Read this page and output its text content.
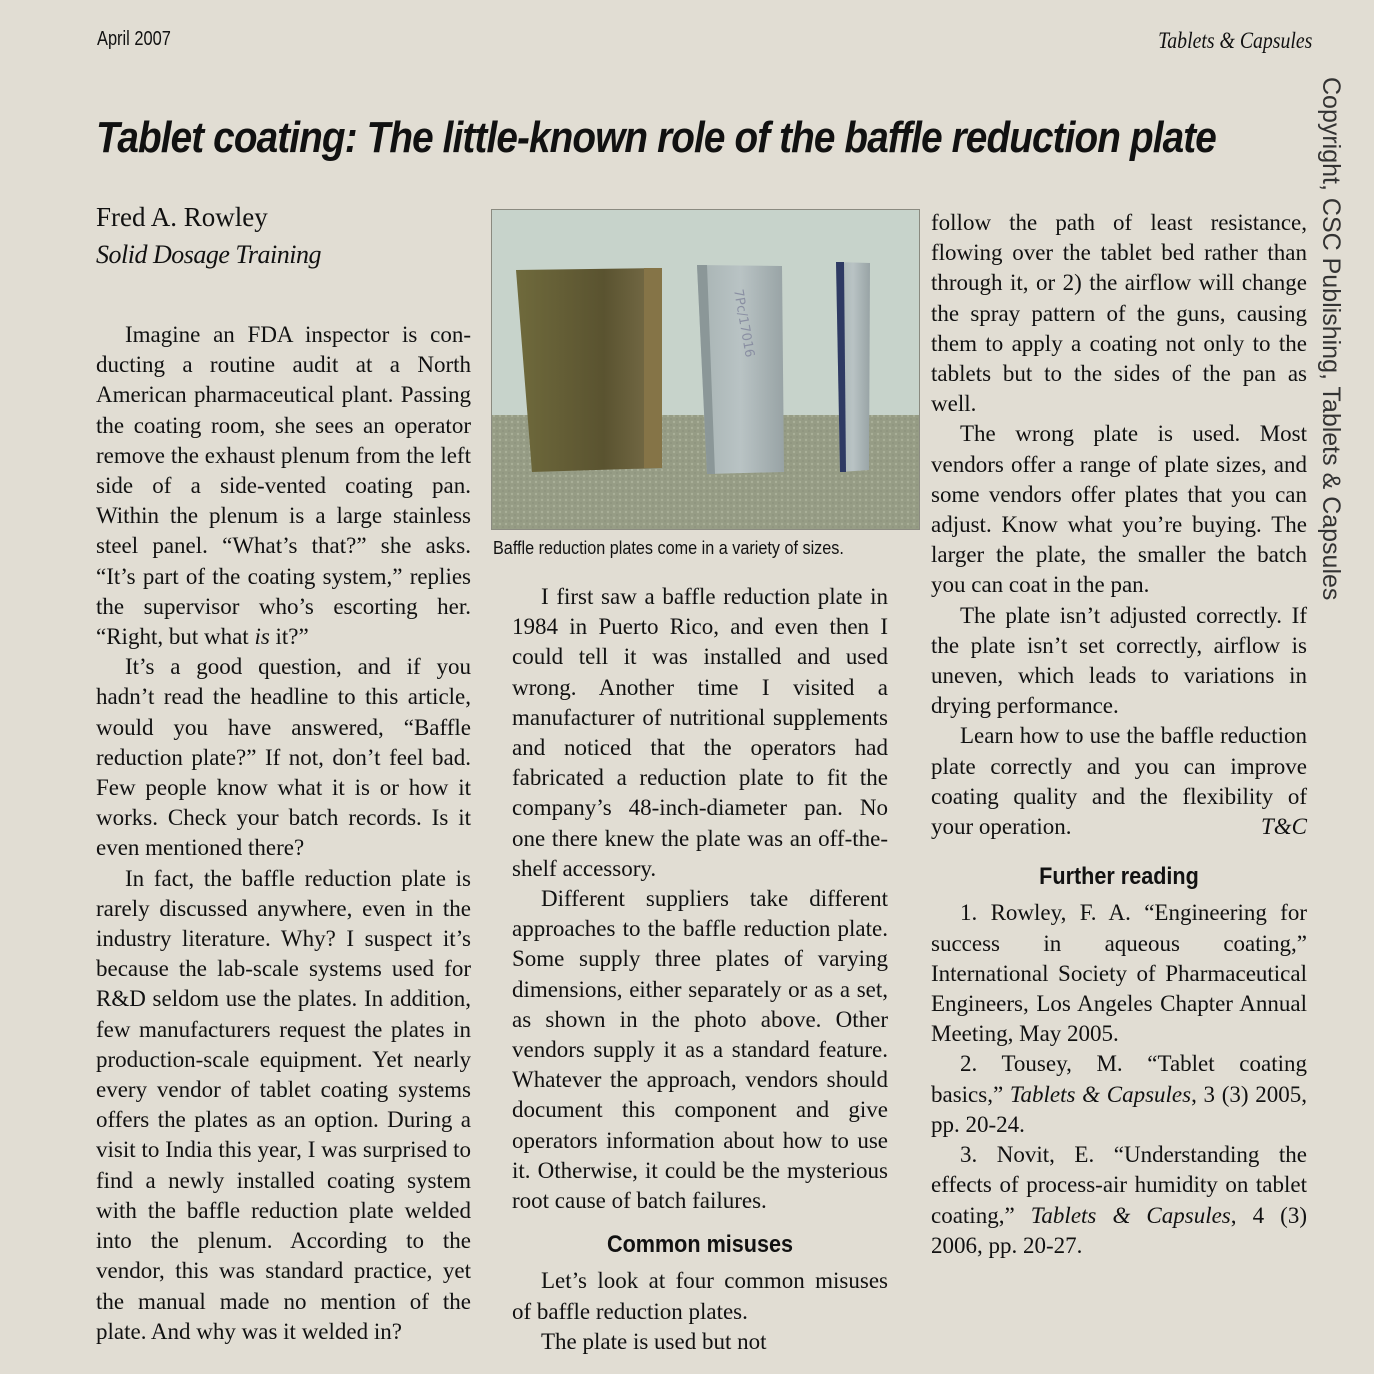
April 2007	Tablets & Capsules
Tablet coating: The little-known role of the baffle reduction plate	Copyright, CSC Publishing, Tablets & Capsules
Fred A. Rowley
Solid Dosage Training

Imagine an FDA inspector is conducting a routine audit at a North American pharmaceutical plant. Passing the coating room, she sees an operator remove the exhaust plenum from the left side of a side-vented coating pan. Within the plenum is a large stainless steel panel. “What’s that?” she asks. “It’s part of the coating system,” replies the supervisor who’s escorting her. “Right, but what is it?”

It’s a good question, and if you hadn’t read the headline to this article, would you have answered, “Baffle reduction plate?” If not, don’t feel bad. Few people know what it is or how it works. Check your batch records. Is it even mentioned there?

In fact, the baffle reduction plate is rarely discussed anywhere, even in the industry literature. Why? I suspect it’s because the lab-scale systems used for R&D seldom use the plates. In addition, few manufacturers request the plates in production-scale equipment. Yet nearly every vendor of tablet coating systems offers the plates as an option. During a visit to India this year, I was surprised to find a newly installed coating system with the baffle reduction plate welded into the plenum. According to the vendor, this was standard practice, yet the manual made no mention of the plate. And why was it welded in?

7Pc/17016
Baffle reduction plates come in a variety of sizes.

I first saw a baffle reduction plate in 1984 in Puerto Rico, and even then I could tell it was installed and used wrong. Another time I visited a manufacturer of nutritional supplements and noticed that the operators had fabricated a reduction plate to fit the company’s 48-inch-diameter pan. No one there knew the plate was an off-the-shelf accessory.

Different suppliers take different approaches to the baffle reduction plate. Some supply three plates of varying dimensions, either separately or as a set, as shown in the photo above. Other vendors supply it as a standard feature. Whatever the approach, vendors should document this component and give operators information about how to use it. Otherwise, it could be the mysterious root cause of batch failures.

Common misuses

Let’s look at four common misuses of baffle reduction plates.

The plate is used but not

follow the path of least resistance, flowing over the tablet bed rather than through it, or 2) the airflow will change the spray pattern of the guns, causing them to apply a coating not only to the tablets but to the sides of the pan as well.

The wrong plate is used. Most vendors offer a range of plate sizes, and some vendors offer plates that you can adjust. Know what you’re buying. The larger the plate, the smaller the batch you can coat in the pan.

The plate isn’t adjusted correctly. If the plate isn’t set correctly, airflow is uneven, which leads to variations in drying performance.

Learn how to use the baffle reduction plate correctly and you can improve coating quality and the flexibility of your operation.	T&C

Further reading

1. Rowley, F. A. “Engineering for success in aqueous coating,” International Society of Pharmaceutical Engineers, Los Angeles Chapter Annual Meeting, May 2005.

2. Tousey, M. “Tablet coating basics,” Tablets & Capsules, 3 (3) 2005, pp. 20-24.

3. Novit, E. “Understanding the effects of process-air humidity on tablet coating,” Tablets & Capsules, 4 (3) 2006, pp. 20-27.
